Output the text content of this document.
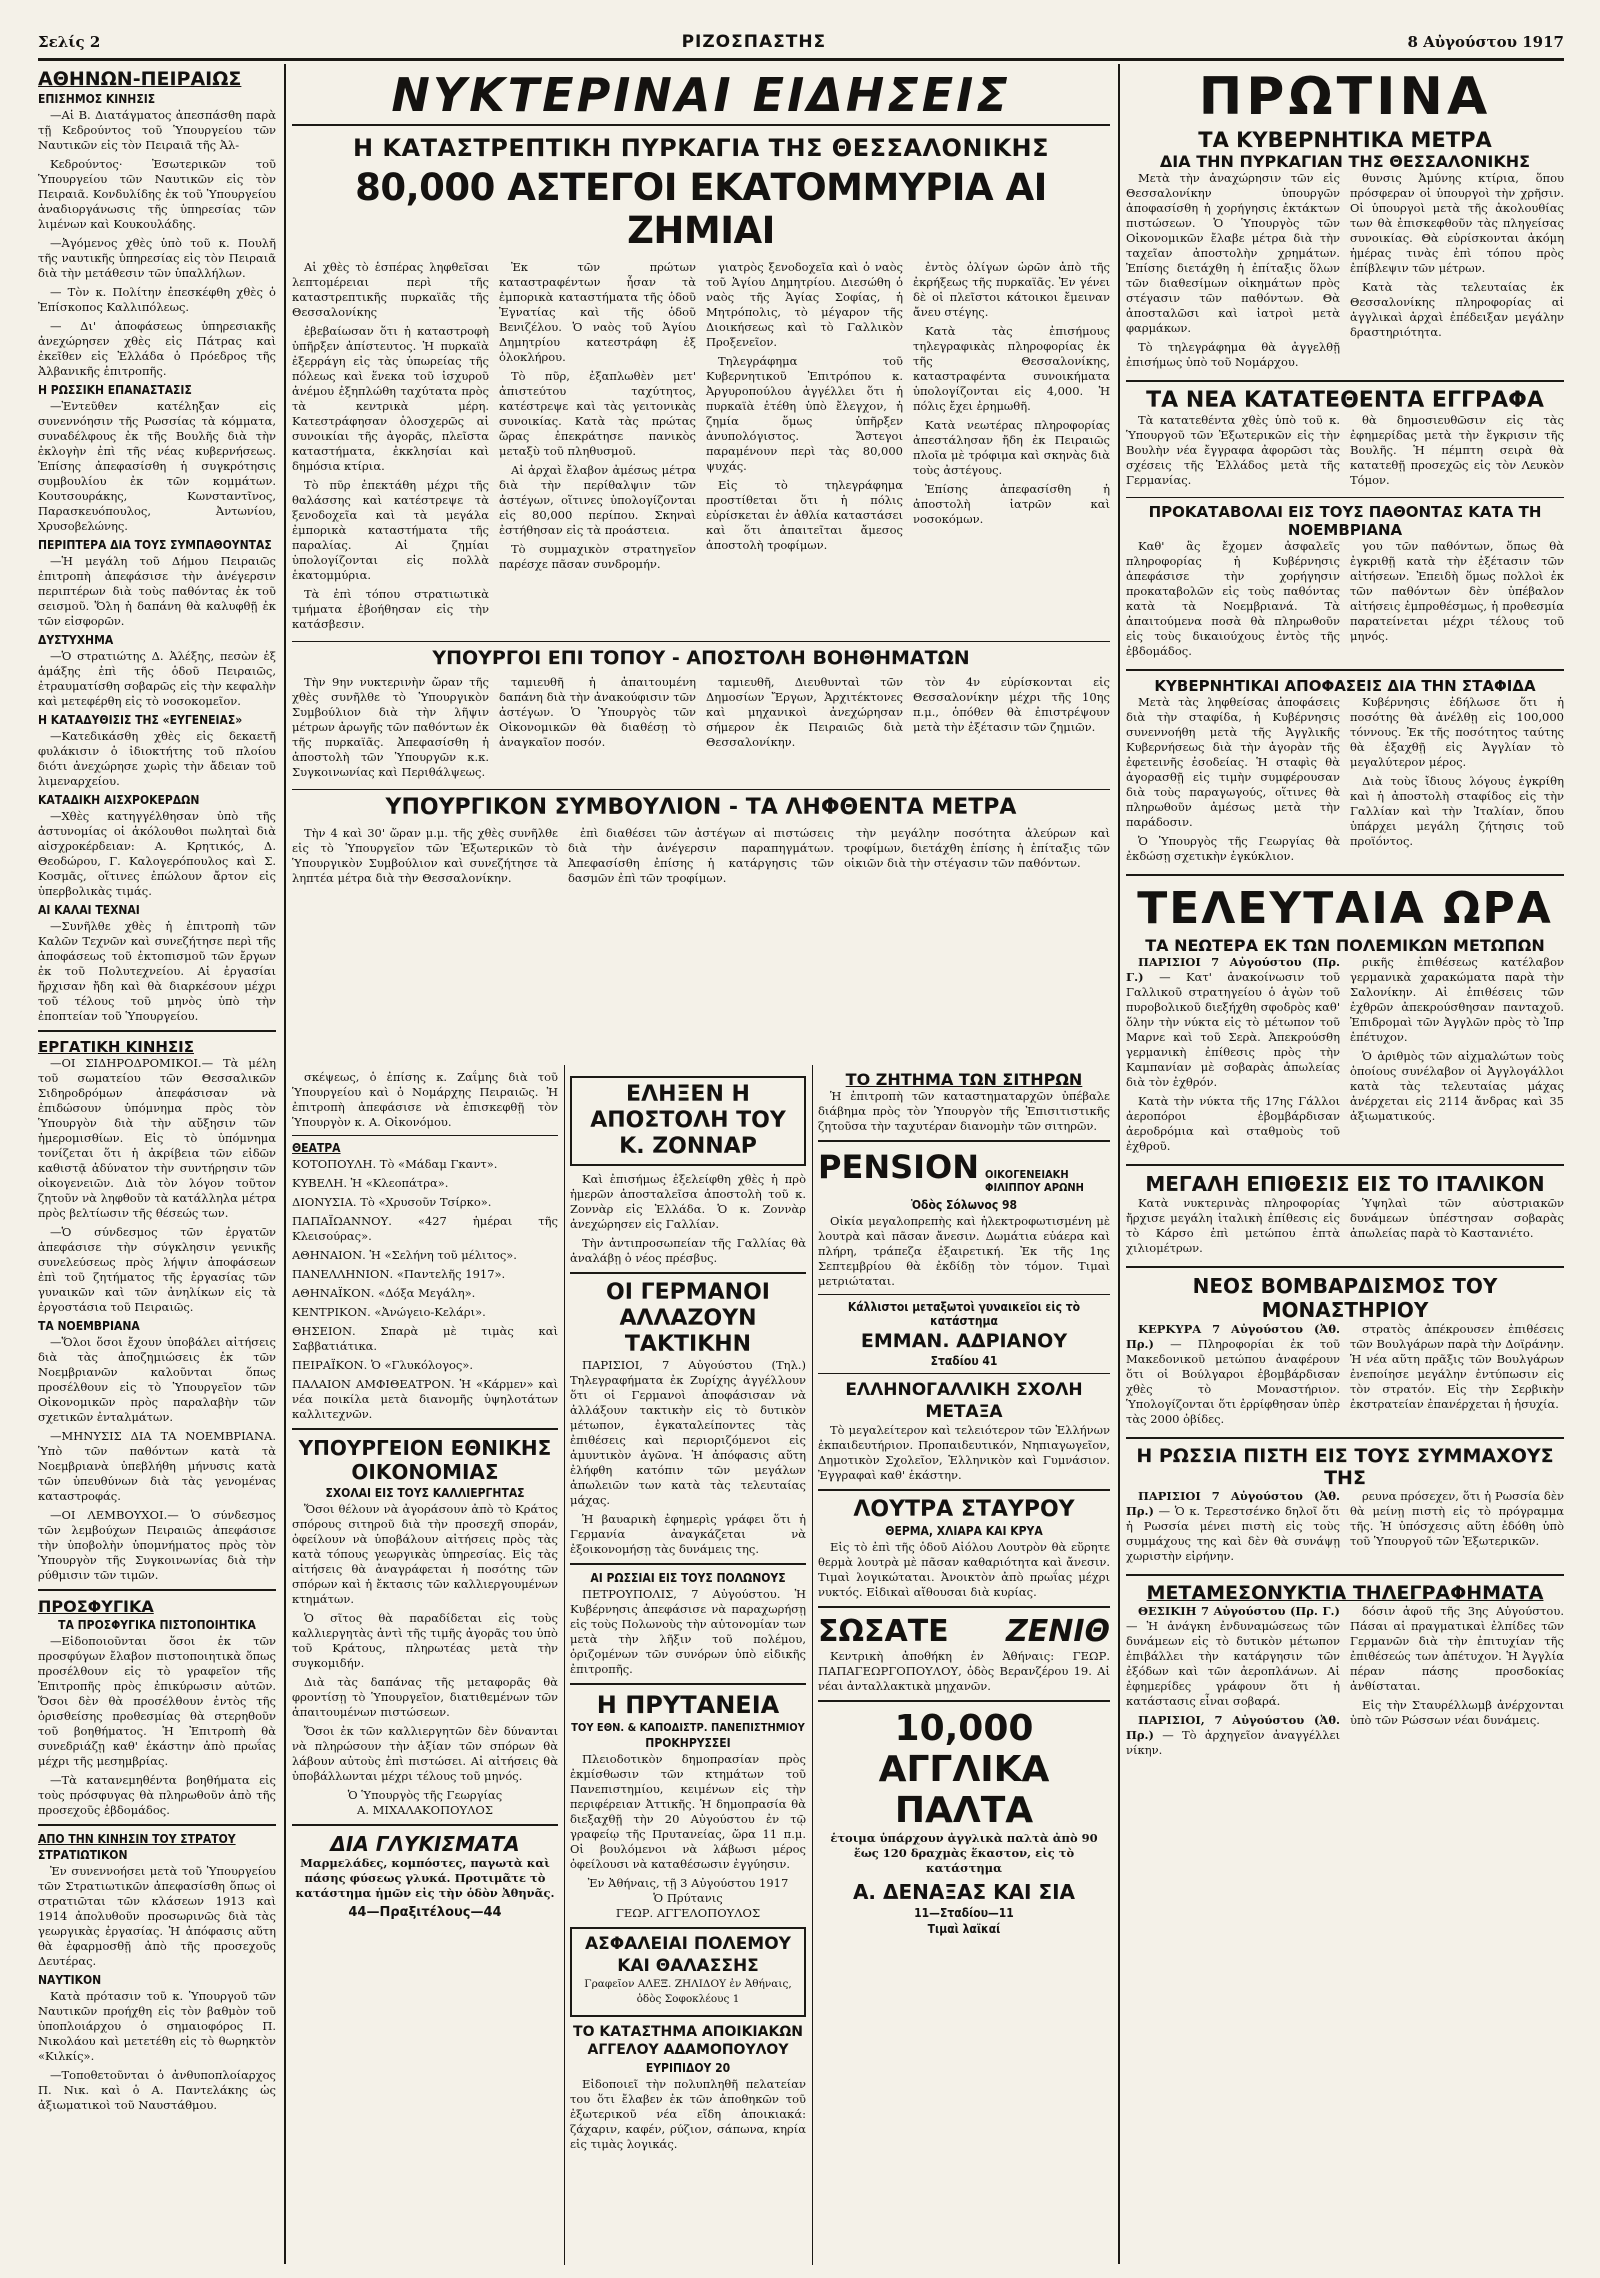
Σελίς 2	ΡΙΖΟΣΠΑΣΤΗΣ	8 Αὐγούστου 1917
ΑΘΗΝΩΝ-ΠΕΙΡΑΙΩΣ
ΕΠΙΣΗΜΟΣ ΚΙΝΗΣΙΣ

—Αἱ Β. Διατάγματος ἀπεσπάσθη παρὰ τῇ Κεδρούντος τοῦ Ὑπουργείου τῶν Ναυτικῶν εἰς τὸν Πειραιᾶ τῆς Ἀλ-

Κεδρούντος· Ἐσωτερικῶν τοῦ Ὑπουργείου τῶν Ναυτικῶν εἰς τὸν Πειραιᾶ. Κονδυλίδης ἐκ τοῦ Ὑπουργείου ἀναδιοργάνωσις τῆς ὑπηρεσίας τῶν λιμένων καὶ Κουκουλάδης.

—Ἀγόμενος χθὲς ὑπὸ τοῦ κ. Πουλῆ τῆς ναυτικῆς ὑπηρεσίας εἰς τὸν Πειραιᾶ διὰ τὴν μετάθεσιν τῶν ὑπαλλήλων.

— Τὸν κ. Πολίτην ἐπεσκέφθη χθὲς ὁ Ἐπίσκοπος Καλλιπόλεως.

— Δι' ἀποφάσεως ὑπηρεσιακῆς ἀνεχώρησεν χθὲς εἰς Πάτρας καὶ ἐκεῖθεν εἰς Ἑλλάδα ὁ Πρόεδρος τῆς Ἀλβανικῆς ἐπιτροπῆς.

Η ΡΩΣΣΙΚΗ ΕΠΑΝΑΣΤΑΣΙΣ

—Ἐντεῦθεν κατέληξαν εἰς συνεννόησιν τῆς Ρωσσίας τὰ κόμματα, συναδέλφους ἐκ τῆς Βουλῆς διὰ τὴν ἐκλογὴν ἐπὶ τῆς νέας κυβερνήσεως. Ἐπίσης ἀπεφασίσθη ἡ συγκρότησις συμβουλίου ἐκ τῶν κομμάτων. Κουτσουράκης, Κωνσταντῖνος, Παρασκευόπουλος, Ἀντωνίου, Χρυσοβελώνης.

ΠΕΡΙΠΤΕΡΑ ΔΙΑ ΤΟΥΣ ΣΥΜΠΑΘΟΥΝΤΑΣ

—Ἡ μεγάλη τοῦ Δήμου Πειραιῶς ἐπιτροπὴ ἀπεφάσισε τὴν ἀνέγερσιν περιπτέρων διὰ τοὺς παθόντας ἐκ τοῦ σεισμοῦ. Ὅλη ἡ δαπάνη θὰ καλυφθῇ ἐκ τῶν εἰσφορῶν.

ΔΥΣΤΥΧΗΜΑ

—Ὁ στρατιώτης Δ. Ἀλέξης, πεσὼν ἐξ ἁμάξης ἐπὶ τῆς ὁδοῦ Πειραιῶς, ἐτραυματίσθη σοβαρῶς εἰς τὴν κεφαλὴν καὶ μετεφέρθη εἰς τὸ νοσοκομεῖον.

Η ΚΑΤΑΔΥΘΙΣΙΣ ΤΗΣ «ΕΥΓΕΝΕΙΑΣ»

—Κατεδικάσθη χθὲς εἰς δεκαετῆ φυλάκισιν ὁ ἰδιοκτήτης τοῦ πλοίου διότι ἀνεχώρησε χωρὶς τὴν ἄδειαν τοῦ λιμεναρχείου.

ΚΑΤΑΔΙΚΗ ΑΙΣΧΡΟΚΕΡΔΩΝ

—Χθὲς κατηγγέλθησαν ὑπὸ τῆς ἀστυνομίας οἱ ἀκόλουθοι πωληταὶ διὰ αἰσχροκέρδειαν: Α. Κρητικός, Δ. Θεοδώρου, Γ. Καλογερόπουλος καὶ Σ. Κοσμᾶς, οἵτινες ἐπώλουν ἄρτον εἰς ὑπερβολικὰς τιμάς.

ΑΙ ΚΑΛΑΙ ΤΕΧΝΑΙ

—Συνῆλθε χθὲς ἡ ἐπιτροπὴ τῶν Καλῶν Τεχνῶν καὶ συνεζήτησε περὶ τῆς ἀποφάσεως τοῦ ἐκτοπισμοῦ τῶν ἔργων ἐκ τοῦ Πολυτεχνείου. Αἱ ἐργασίαι ἤρχισαν ἤδη καὶ θὰ διαρκέσουν μέχρι τοῦ τέλους τοῦ μηνὸς ὑπὸ τὴν ἐποπτείαν τοῦ Ὑπουργείου.

ΕΡΓΑΤΙΚΗ ΚΙΝΗΣΙΣ

—ΟΙ ΣΙΔΗΡΟΔΡΟΜΙΚΟΙ.— Τὰ μέλη τοῦ σωματείου τῶν Θεσσαλικῶν Σιδηροδρόμων ἀπεφάσισαν νὰ ἐπιδώσουν ὑπόμνημα πρὸς τὸν Ὑπουργὸν διὰ τὴν αὔξησιν τῶν ἡμερομισθίων. Εἰς τὸ ὑπόμνημα τονίζεται ὅτι ἡ ἀκρίβεια τῶν εἰδῶν καθιστᾷ ἀδύνατον τὴν συντήρησιν τῶν οἰκογενειῶν. Διὰ τὸν λόγον τοῦτον ζητοῦν νὰ ληφθοῦν τὰ κατάλληλα μέτρα πρὸς βελτίωσιν τῆς θέσεώς των.

—Ὁ σύνδεσμος τῶν ἐργατῶν ἀπεφάσισε τὴν σύγκλησιν γενικῆς συνελεύσεως πρὸς λήψιν ἀποφάσεων ἐπὶ τοῦ ζητήματος τῆς ἐργασίας τῶν γυναικῶν καὶ τῶν ἀνηλίκων εἰς τὰ ἐργοστάσια τοῦ Πειραιῶς.

ΤΑ ΝΟΕΜΒΡΙΑΝΑ

—Ὅλοι ὅσοι ἔχουν ὑποβάλει αἰτήσεις διὰ τὰς ἀποζημιώσεις ἐκ τῶν Νοεμβριανῶν καλοῦνται ὅπως προσέλθουν εἰς τὸ Ὑπουργεῖον τῶν Οἰκονομικῶν πρὸς παραλαβὴν τῶν σχετικῶν ἐνταλμάτων.

—ΜΗΝΥΣΙΣ ΔΙΑ ΤΑ ΝΟΕΜΒΡΙΑΝΑ. Ὑπὸ τῶν παθόντων κατὰ τὰ Νοεμβριανὰ ὑπεβλήθη μήνυσις κατὰ τῶν ὑπευθύνων διὰ τὰς γενομένας καταστροφάς.

—ΟΙ ΛΕΜΒΟΥΧΟΙ.— Ὁ σύνδεσμος τῶν λεμβούχων Πειραιῶς ἀπεφάσισε τὴν ὑποβολὴν ὑπομνήματος πρὸς τὸν Ὑπουργὸν τῆς Συγκοινωνίας διὰ τὴν ρύθμισιν τῶν τιμῶν.

ΠΡΟΣΦΥΓΙΚΑ
ΤΑ ΠΡΟΣΦΥΓΙΚΑ ΠΙΣΤΟΠΟΙΗΤΙΚΑ

—Εἰδοποιοῦνται ὅσοι ἐκ τῶν προσφύγων ἔλαβον πιστοποιητικὰ ὅπως προσέλθουν εἰς τὸ γραφεῖον τῆς Ἐπιτροπῆς πρὸς ἐπικύρωσιν αὐτῶν. Ὅσοι δὲν θὰ προσέλθουν ἐντὸς τῆς ὁρισθείσης προθεσμίας θὰ στερηθοῦν τοῦ βοηθήματος. Ἡ Ἐπιτροπὴ θὰ συνεδριάζῃ καθ' ἑκάστην ἀπὸ πρωΐας μέχρι τῆς μεσημβρίας.

—Τὰ κατανεμηθέντα βοηθήματα εἰς τοὺς πρόσφυγας θὰ πληρωθοῦν ἀπὸ τῆς προσεχοῦς ἑβδομάδος.

ΑΠΟ ΤΗΝ ΚΙΝΗΣΙΝ ΤΟΥ ΣΤΡΑΤΟΥ
ΣΤΡΑΤΙΩΤΙΚΟΝ

Ἐν συνεννοήσει μετὰ τοῦ Ὑπουργείου τῶν Στρατιωτικῶν ἀπεφασίσθη ὅπως οἱ στρατιῶται τῶν κλάσεων 1913 καὶ 1914 ἀπολυθοῦν προσωρινῶς διὰ τὰς γεωργικὰς ἐργασίας. Ἡ ἀπόφασις αὕτη θὰ ἐφαρμοσθῇ ἀπὸ τῆς προσεχοῦς Δευτέρας.

ΝΑΥΤΙΚΟΝ

Κατὰ πρότασιν τοῦ κ. Ὑπουργοῦ τῶν Ναυτικῶν προήχθη εἰς τὸν βαθμὸν τοῦ ὑποπλοιάρχου ὁ σημαιοφόρος Π. Νικολάου καὶ μετετέθη εἰς τὸ θωρηκτὸν «Κιλκίς».

—Τοποθετοῦνται ὁ ἀνθυποπλοίαρχος Π. Νικ. καὶ ὁ Α. Παντελάκης ὡς ἀξιωματικοὶ τοῦ Ναυστάθμου.

ΝΥΚΤΕΡΙΝΑΙ ΕΙΔΗΣΕΙΣ
Η ΚΑΤΑΣΤΡΕΠΤΙΚΗ ΠΥΡΚΑΓΙΑ ΤΗΣ ΘΕΣΣΑΛΟΝΙΚΗΣ
80,000 ΑΣΤΕΓΟΙ ΕΚΑΤΟΜΜΥΡΙΑ ΑΙ ΖΗΜΙΑΙ

Αἱ χθὲς τὸ ἑσπέρας ληφθεῖσαι λεπτομέρειαι περὶ τῆς καταστρεπτικῆς πυρκαϊᾶς τῆς Θεσσαλονίκης

ἐβεβαίωσαν ὅτι ἡ καταστροφὴ ὑπῆρξεν ἀπίστευτος. Ἡ πυρκαϊὰ ἐξερράγη εἰς τὰς ὑπωρείας τῆς πόλεως καὶ ἕνεκα τοῦ ἰσχυροῦ ἀνέμου ἐξηπλώθη ταχύτατα πρὸς τὰ κεντρικὰ μέρη. Κατεστράφησαν ὁλοσχερῶς αἱ συνοικίαι τῆς ἀγορᾶς, πλεῖστα καταστήματα, ἐκκλησίαι καὶ δημόσια κτίρια.

Τὸ πῦρ ἐπεκτάθη μέχρι τῆς θαλάσσης καὶ κατέστρεψε τὰ ξενοδοχεῖα καὶ τὰ μεγάλα ἐμπορικὰ καταστήματα τῆς παραλίας. Αἱ ζημίαι ὑπολογίζονται εἰς πολλὰ ἑκατομμύρια.

Τὰ ἐπὶ τόπου στρατιωτικὰ τμήματα ἐβοήθησαν εἰς τὴν κατάσβεσιν.

Ἐκ τῶν πρώτων καταστραφέντων ἦσαν τὰ ἐμπορικὰ καταστήματα τῆς ὁδοῦ Ἐγνατίας καὶ τῆς ὁδοῦ Βενιζέλου. Ὁ ναὸς τοῦ Ἁγίου Δημητρίου κατεστράφη ἐξ ὁλοκλήρου.

Τὸ πῦρ, ἐξαπλωθὲν μετ' ἀπιστεύτου ταχύτητος, κατέστρεψε καὶ τὰς γειτονικὰς συνοικίας. Κατὰ τὰς πρώτας ὥρας ἐπεκράτησε πανικὸς μεταξὺ τοῦ πληθυσμοῦ.

Αἱ ἀρχαὶ ἔλαβον ἀμέσως μέτρα διὰ τὴν περίθαλψιν τῶν ἀστέγων, οἵτινες ὑπολογίζονται εἰς 80,000 περίπου. Σκηναὶ ἐστήθησαν εἰς τὰ προάστεια.

Τὸ συμμαχικὸν στρατηγεῖον παρέσχε πᾶσαν συνδρομήν.

γιατρὸς ξενοδοχεῖα καὶ ὁ ναὸς τοῦ Ἁγίου Δημητρίου. Διεσώθη ὁ ναὸς τῆς Ἁγίας Σοφίας, ἡ Μητρόπολις, τὸ μέγαρον τῆς Διοικήσεως καὶ τὸ Γαλλικὸν Προξενεῖον.

Τηλεγράφημα τοῦ Κυβερνητικοῦ Ἐπιτρόπου κ. Ἀργυροπούλου ἀγγέλλει ὅτι ἡ πυρκαϊὰ ἐτέθη ὑπὸ ἔλεγχον, ἡ ζημία ὅμως ὑπῆρξεν ἀνυπολόγιστος. Ἄστεγοι παραμένουν περὶ τὰς 80,000 ψυχάς.

Εἰς τὸ τηλεγράφημα προστίθεται ὅτι ἡ πόλις εὑρίσκεται ἐν ἀθλία καταστάσει καὶ ὅτι ἀπαιτεῖται ἄμεσος ἀποστολὴ τροφίμων.

ἐντὸς ὀλίγων ὡρῶν ἀπὸ τῆς ἐκρήξεως τῆς πυρκαϊᾶς. Ἐν γένει δὲ οἱ πλεῖστοι κάτοικοι ἔμειναν ἄνευ στέγης.

Κατὰ τὰς ἐπισήμους τηλεγραφικὰς πληροφορίας ἐκ τῆς Θεσσαλονίκης, καταστραφέντα συνοικήματα ὑπολογίζονται εἰς 4,000. Ἡ πόλις ἔχει ἐρημωθῆ.

Κατὰ νεωτέρας πληροφορίας ἀπεστάλησαν ἤδη ἐκ Πειραιῶς πλοῖα μὲ τρόφιμα καὶ σκηνὰς διὰ τοὺς ἀστέγους.

Ἐπίσης ἀπεφασίσθη ἡ ἀποστολὴ ἰατρῶν καὶ νοσοκόμων.

ΥΠΟΥΡΓΟΙ ΕΠΙ ΤΟΠΟΥ - ΑΠΟΣΤΟΛΗ ΒΟΗΘΗΜΑΤΩΝ

Τὴν 9ην νυκτερινὴν ὥραν τῆς χθὲς συνῆλθε τὸ Ὑπουργικὸν Συμβούλιον διὰ τὴν λῆψιν μέτρων ἀρωγῆς τῶν παθόντων ἐκ τῆς πυρκαϊᾶς. Ἀπεφασίσθη ἡ ἀποστολὴ τῶν Ὑπουργῶν κ.κ. Συγκοινωνίας καὶ Περιθάλψεως.

ταμιευθῆ ἡ ἀπαιτουμένη δαπάνη διὰ τὴν ἀνακούφισιν τῶν ἀστέγων. Ὁ Ὑπουργὸς τῶν Οἰκονομικῶν θὰ διαθέσῃ τὸ ἀναγκαῖον ποσόν.

ταμιευθῆ, Διευθυνταὶ τῶν Δημοσίων Ἔργων, Ἀρχιτέκτονες καὶ μηχανικοὶ ἀνεχώρησαν σήμερον ἐκ Πειραιῶς διὰ Θεσσαλονίκην.

τὸν 4ν εὑρίσκονται εἰς Θεσσαλονίκην μέχρι τῆς 10ης π.μ., ὁπόθεν θὰ ἐπιστρέψουν μετὰ τὴν ἐξέτασιν τῶν ζημιῶν.

ΥΠΟΥΡΓΙΚΟΝ ΣΥΜΒΟΥΛΙΟΝ - ΤΑ ΛΗΦΘΕΝΤΑ ΜΕΤΡΑ

Τὴν 4 καὶ 30' ὥραν μ.μ. τῆς χθὲς συνῆλθε εἰς τὸ Ὑπουργεῖον τῶν Ἐξωτερικῶν τὸ Ὑπουργικὸν Συμβούλιον καὶ συνεζήτησε τὰ ληπτέα μέτρα διὰ τὴν Θεσσαλονίκην.

ἐπὶ διαθέσει τῶν ἀστέγων αἱ πιστώσεις διὰ τὴν ἀνέγερσιν παραπηγμάτων. Ἀπεφασίσθη ἐπίσης ἡ κατάργησις τῶν δασμῶν ἐπὶ τῶν τροφίμων.

τὴν μεγάλην ποσότητα ἀλεύρων καὶ τροφίμων, διετάχθη ἐπίσης ἡ ἐπίταξις τῶν οἰκιῶν διὰ τὴν στέγασιν τῶν παθόντων.

σκέψεως, ὁ ἐπίσης κ. Ζαΐμης διὰ τοῦ Ὑπουργείου καὶ ὁ Νομάρχης Πειραιῶς. Ἡ ἐπιτροπὴ ἀπεφάσισε νὰ ἐπισκεφθῇ τὸν Ὑπουργὸν κ. Α. Οἰκονόμου.

ΘΕΑΤΡΑ

ΚΟΤΟΠΟΥΛΗ. Τὸ «Μάδαμ Γκαντ».

ΚΥΒΕΛΗ. Ἡ «Κλεοπάτρα».

ΔΙΟΝΥΣΙΑ. Τὸ «Χρυσοῦν Τσίρκο».

ΠΑΠΑΪΩΑΝΝΟΥ. «427 ἡμέραι τῆς Κλεισούρας».

ΑΘΗΝΑΙΟΝ. Ἡ «Σελήνη τοῦ μέλιτος».

ΠΑΝΕΛΛΗΝΙΟΝ. «Παντελῆς 1917».

ΑΘΗΝΑΪΚΟΝ. «Δόξα Μεγάλη».

ΚΕΝΤΡΙΚΟΝ. «Ἀνώγειο-Κελάρι».

ΘΗΣΕΙΟΝ. Σπαρὰ μὲ τιμὰς καὶ Σαββατιάτικα.

ΠΕΙΡΑΪΚΟΝ. Ὁ «Γλυκόλογος».

ΠΑΛΑΙΟΝ ΑΜΦΙΘΕΑΤΡΟΝ. Ἡ «Κάρμεν» καὶ νέα ποικίλα μετὰ διανομῆς ὑψηλοτάτων καλλιτεχνῶν.

ΥΠΟΥΡΓΕΙΟΝ ΕΘΝΙΚΗΣ ΟΙΚΟΝΟΜΙΑΣ
ΣΧΟΛΑΙ ΕΙΣ ΤΟΥΣ ΚΑΛΛΙΕΡΓΗΤΑΣ

Ὅσοι θέλουν νὰ ἀγοράσουν ἀπὸ τὸ Κράτος σπόρους σιτηροῦ διὰ τὴν προσεχῆ σποράν, ὀφείλουν νὰ ὑποβάλουν αἰτήσεις πρὸς τὰς κατὰ τόπους γεωργικὰς ὑπηρεσίας. Εἰς τὰς αἰτήσεις θὰ ἀναγράφεται ἡ ποσότης τῶν σπόρων καὶ ἡ ἔκτασις τῶν καλλιεργουμένων κτημάτων.

Ὁ σῖτος θὰ παραδίδεται εἰς τοὺς καλλιεργητὰς ἀντὶ τῆς τιμῆς ἀγορᾶς του ὑπὸ τοῦ Κράτους, πληρωτέας μετὰ τὴν συγκομιδήν.

Διὰ τὰς δαπάνας τῆς μεταφορᾶς θὰ φροντίσῃ τὸ Ὑπουργεῖον, διατιθεμένων τῶν ἀπαιτουμένων πιστώσεων.

Ὅσοι ἐκ τῶν καλλιεργητῶν δὲν δύνανται νὰ πληρώσουν τὴν ἀξίαν τῶν σπόρων θὰ λάβουν αὐτοὺς ἐπὶ πιστώσει. Αἱ αἰτήσεις θὰ ὑποβάλλωνται μέχρι τέλους τοῦ μηνός.

Ὁ Ὑπουργὸς τῆς Γεωργίας
Α. ΜΙΧΑΛΑΚΟΠΟΥΛΟΣ

ΔΙΑ ΓΛΥΚΙΣΜΑΤΑ

Μαρμελάδες, κομπόστες, παγωτὰ καὶ πάσης φύσεως γλυκά. Προτιμᾶτε τὸ κατάστημα ἡμῶν εἰς τὴν ὁδὸν Ἀθηνᾶς.

44—Πραξιτέλους—44

ΕΛΗΞΕΝ Η ΑΠΟΣΤΟΛΗ ΤΟΥ Κ. ΖΟΝΝΑΡ

Καὶ ἐπισήμως ἐξελείφθη χθὲς ἡ πρὸ ἡμερῶν ἀποσταλεῖσα ἀποστολὴ τοῦ κ. Ζοννὰρ εἰς Ἑλλάδα. Ὁ κ. Ζοννὰρ ἀνεχώρησεν εἰς Γαλλίαν.

Τὴν ἀντιπροσωπείαν τῆς Γαλλίας θὰ ἀναλάβῃ ὁ νέος πρέσβυς.

ΟΙ ΓΕΡΜΑΝΟΙ ΑΛΛΑΖΟΥΝ ΤΑΚΤΙΚΗΝ

ΠΑΡΙΣΙΟΙ, 7 Αὐγούστου (Τηλ.) Τηλεγραφήματα ἐκ Ζυρίχης ἀγγέλλουν ὅτι οἱ Γερμανοὶ ἀποφάσισαν νὰ ἀλλάξουν τακτικὴν εἰς τὸ δυτικὸν μέτωπον, ἐγκαταλείποντες τὰς ἐπιθέσεις καὶ περιοριζόμενοι εἰς ἀμυντικὸν ἀγῶνα. Ἡ ἀπόφασις αὕτη ἐλήφθη κατόπιν τῶν μεγάλων ἀπωλειῶν των κατὰ τὰς τελευταίας μάχας.

Ἡ βαυαρικὴ ἐφημερὶς γράφει ὅτι ἡ Γερμανία ἀναγκάζεται νὰ ἐξοικονομήσῃ τὰς δυνάμεις της.

ΑΙ ΡΩΣΣΙΑΙ ΕΙΣ ΤΟΥΣ ΠΟΛΩΝΟΥΣ

ΠΕΤΡΟΥΠΟΛΙΣ, 7 Αὐγούστου. Ἡ Κυβέρνησις ἀπεφάσισε νὰ παραχωρήσῃ εἰς τοὺς Πολωνοὺς τὴν αὐτονομίαν των μετὰ τὴν λῆξιν τοῦ πολέμου, ὁριζομένων τῶν συνόρων ὑπὸ εἰδικῆς ἐπιτροπῆς.

Η ΠΡΥΤΑΝΕΙΑ
ΤΟΥ ΕΘΝ. & ΚΑΠΟΔΙΣΤΡ. ΠΑΝΕΠΙΣΤΗΜΙΟΥ
ΠΡΟΚΗΡΥΣΣΕΙ

Πλειοδοτικὸν δημοπρασίαν πρὸς ἐκμίσθωσιν τῶν κτημάτων τοῦ Πανεπιστημίου, κειμένων εἰς τὴν περιφέρειαν Ἀττικῆς. Ἡ δημοπρασία θὰ διεξαχθῇ τὴν 20 Αὐγούστου ἐν τῷ γραφείῳ τῆς Πρυτανείας, ὥρα 11 π.μ. Οἱ βουλόμενοι νὰ λάβωσι μέρος ὀφείλουσι νὰ καταθέσωσιν ἐγγύησιν.

Ἐν Ἀθήναις, τῇ 3 Αὐγούστου 1917
Ὁ Πρύτανις
ΓΕΩΡ. ΑΓΓΕΛΟΠΟΥΛΟΣ

ΑΣΦΑΛΕΙΑΙ ΠΟΛΕΜΟΥ ΚΑΙ ΘΑΛΑΣΣΗΣ

Γραφεῖον ΑΛΕΞ. ΖΗΛΙΔΟΥ ἐν Ἀθήναις, ὁδὸς Σοφοκλέους 1

ΤΟ ΚΑΤΑΣΤΗΜΑ ΑΠΟΙΚΙΑΚΩΝ ΑΓΓΕΛΟΥ ΑΔΑΜΟΠΟΥΛΟΥ
ΕΥΡΙΠΙΔΟΥ 20

Εἰδοποιεῖ τὴν πολυπληθῆ πελατείαν του ὅτι ἔλαβεν ἐκ τῶν ἀποθηκῶν τοῦ ἐξωτερικοῦ νέα εἴδη ἀποικιακά: ζάχαριν, καφέν, ρύζιον, σάπωνα, κηρία εἰς τιμὰς λογικάς.

ΤΟ ΖΗΤΗΜΑ ΤΩΝ ΣΙΤΗΡΩΝ

Ἡ ἐπιτροπὴ τῶν καταστηματαρχῶν ὑπέβαλε διάβημα πρὸς τὸν Ὑπουργὸν τῆς Ἐπισιτιστικῆς ζητοῦσα τὴν ταχυτέραν διανομὴν τῶν σιτηρῶν.

PENSION ΟΙΚΟΓΕΝΕΙΑΚΗ ΦΙΛΙΠΠΟΥ ΑΡΩΝΗ
Ὁδὸς Σόλωνος 98

Οἰκία μεγαλοπρεπὴς καὶ ἠλεκτροφωτισμένη μὲ λουτρὰ καὶ πᾶσαν ἄνεσιν. Δωμάτια εὐάερα καὶ πλήρη, τράπεζα ἐξαιρετική. Ἐκ τῆς 1ης Σεπτεμβρίου θὰ ἐκδίδῃ τὸν τόμον. Τιμαὶ μετριώταται.

Κάλλιστοι μεταξωτοὶ γυναικεῖοι εἰς τὸ κατάστημα
ΕΜΜΑΝ. ΑΔΡΙΑΝΟΥ
Σταδίου 41
ΕΛΛΗΝΟΓΑΛΛΙΚΗ ΣΧΟΛΗ ΜΕΤΑΞΑ

Τὸ μεγαλείτερον καὶ τελειότερον τῶν Ἑλλήνων ἐκπαιδευτήριον. Προπαιδευτικόν, Νηπιαγωγεῖον, Δημοτικὸν Σχολεῖον, Ἑλληνικὸν καὶ Γυμνάσιον. Ἐγγραφαὶ καθ' ἑκάστην.

ΛΟΥΤΡΑ ΣΤΑΥΡΟΥ
ΘΕΡΜΑ, ΧΛΙΑΡΑ ΚΑΙ ΚΡΥΑ

Εἰς τὸ ἐπὶ τῆς ὁδοῦ Αἰόλου Λουτρὸν θὰ εὕρητε θερμὰ λουτρὰ μὲ πᾶσαν καθαριότητα καὶ ἄνεσιν. Τιμαὶ λογικώταται. Ἀνοικτὸν ἀπὸ πρωΐας μέχρι νυκτός. Εἰδικαὶ αἴθουσαι διὰ κυρίας.

ΣΩΣΑΤΕ ΖΕΝΙΘ

Κεντρικὴ ἀποθήκη ἐν Ἀθήναις: ΓΕΩΡ. ΠΑΠΑΓΕΩΡΓΟΠΟΥΛΟΥ, ὁδὸς Βερανζέρου 19. Αἱ νέαι ἀνταλλακτικὰ μηχανῶν.

10,000 ΑΓΓΛΙΚΑ ΠΑΛΤΑ

ἑτοιμα ὑπάρχουν ἀγγλικὰ παλτὰ ἀπὸ 90 ἕως 120 δραχμὰς ἕκαστον, εἰς τὸ κατάστημα

Α. ΔΕΝΑΞΑΣ ΚΑΙ ΣΙΑ
11—Σταδίου—11
Τιμαὶ λαϊκαί
ΠΡΩΤΙΝΑ
ΤΑ ΚΥΒΕΡΝΗΤΙΚΑ ΜΕΤΡΑ
ΔΙΑ ΤΗΝ ΠΥΡΚΑΓΙΑΝ ΤΗΣ ΘΕΣΣΑΛΟΝΙΚΗΣ

Μετὰ τὴν ἀναχώρησιν τῶν εἰς Θεσσαλονίκην ὑπουργῶν ἀποφασίσθη ἡ χορήγησις ἐκτάκτων πιστώσεων. Ὁ Ὑπουργὸς τῶν Οἰκονομικῶν ἔλαβε μέτρα διὰ τὴν ταχεῖαν ἀποστολὴν χρημάτων. Ἐπίσης διετάχθη ἡ ἐπίταξις ὅλων τῶν διαθεσίμων οἰκημάτων πρὸς στέγασιν τῶν παθόντων. Θὰ ἀποσταλῶσι καὶ ἰατροὶ μετὰ φαρμάκων.

Τὸ τηλεγράφημα θὰ ἀγγελθῇ ἐπισήμως ὑπὸ τοῦ Νομάρχου.

θυνσις Ἀμύνης κτίρια, ὅπου πρόσφεραν οἱ ὑπουργοὶ τὴν χρῆσιν. Οἱ ὑπουργοὶ μετὰ τῆς ἀκολουθίας των θὰ ἐπισκεφθοῦν τὰς πληγείσας συνοικίας. Θὰ εὑρίσκονται ἀκόμη ἡμέρας τινὰς ἐπὶ τόπου πρὸς ἐπίβλεψιν τῶν μέτρων.

Κατὰ τὰς τελευταίας ἐκ Θεσσαλονίκης πληροφορίας αἱ ἀγγλικαὶ ἀρχαὶ ἐπέδειξαν μεγάλην δραστηριότητα.

ΤΑ ΝΕΑ ΚΑΤΑΤΕΘΕΝΤΑ ΕΓΓΡΑΦΑ

Τὰ κατατεθέντα χθὲς ὑπὸ τοῦ κ. Ὑπουργοῦ τῶν Ἐξωτερικῶν εἰς τὴν Βουλὴν νέα ἔγγραφα ἀφορῶσι τὰς σχέσεις τῆς Ἑλλάδος μετὰ τῆς Γερμανίας.

θὰ δημοσιευθῶσιν εἰς τὰς ἐφημερίδας μετὰ τὴν ἔγκρισιν τῆς Βουλῆς. Ἡ πέμπτη σειρὰ θὰ κατατεθῇ προσεχῶς εἰς τὸν Λευκὸν Τόμον.

ΠΡΟΚΑΤΑΒΟΛΑΙ ΕΙΣ ΤΟΥΣ ΠΑΘΟΝΤΑΣ ΚΑΤΑ ΤΗ ΝΟΕΜΒΡΙΑΝΑ

Καθ' ἃς ἔχομεν ἀσφαλεῖς πληροφορίας ἡ Κυβέρνησις ἀπεφάσισε τὴν χορήγησιν προκαταβολῶν εἰς τοὺς παθόντας κατὰ τὰ Νοεμβριανά. Τὰ ἀπαιτούμενα ποσὰ θὰ πληρωθοῦν εἰς τοὺς δικαιούχους ἐντὸς τῆς ἑβδομάδος.

γου τῶν παθόντων, ὅπως θὰ ἐγκριθῇ κατὰ τὴν ἐξέτασιν τῶν αἰτήσεων. Ἐπειδὴ ὅμως πολλοὶ ἐκ τῶν παθόντων δὲν ὑπέβαλον αἰτήσεις ἐμπροθέσμως, ἡ προθεσμία παρατείνεται μέχρι τέλους τοῦ μηνός.

ΚΥΒΕΡΝΗΤΙΚΑΙ ΑΠΟΦΑΣΕΙΣ ΔΙΑ ΤΗΝ ΣΤΑΦΙΔΑ

Μετὰ τὰς ληφθείσας ἀποφάσεις διὰ τὴν σταφίδα, ἡ Κυβέρνησις συνεννοήθη μετὰ τῆς Ἀγγλικῆς Κυβερνήσεως διὰ τὴν ἀγορὰν τῆς ἐφετεινῆς ἐσοδείας. Ἡ σταφὶς θὰ ἀγορασθῇ εἰς τιμὴν συμφέρουσαν διὰ τοὺς παραγωγούς, οἵτινες θὰ πληρωθοῦν ἀμέσως μετὰ τὴν παράδοσιν.

Ὁ Ὑπουργὸς τῆς Γεωργίας θὰ ἐκδώσῃ σχετικὴν ἐγκύκλιον.

Κυβέρνησις ἐδήλωσε ὅτι ἡ ποσότης θὰ ἀνέλθῃ εἰς 100,000 τόννους. Ἐκ τῆς ποσότητος ταύτης θὰ ἐξαχθῇ εἰς Ἀγγλίαν τὸ μεγαλύτερον μέρος.

Διὰ τοὺς ἴδιους λόγους ἐγκρίθη καὶ ἡ ἀποστολὴ σταφίδος εἰς τὴν Γαλλίαν καὶ τὴν Ἰταλίαν, ὅπου ὑπάρχει μεγάλη ζήτησις τοῦ προϊόντος.

ΤΕΛΕΥΤΑΙΑ ΩΡΑ
ΤΑ ΝΕΩΤΕΡΑ ΕΚ ΤΩΝ ΠΟΛΕΜΙΚΩΝ ΜΕΤΩΠΩΝ

ΠΑΡΙΣΙΟΙ 7 Αὐγούστου (Πρ. Γ.) — Κατ' ἀνακοίνωσιν τοῦ Γαλλικοῦ στρατηγείου ὁ ἀγὼν τοῦ πυροβολικοῦ διεξήχθη σφοδρὸς καθ' ὅλην τὴν νύκτα εἰς τὸ μέτωπον τοῦ Μαρνε καὶ τοῦ Σερὰ. Ἀπεκρούσθη γερμανικὴ ἐπίθεσις πρὸς τὴν Καμπανίαν μὲ σοβαρὰς ἀπωλείας διὰ τὸν ἐχθρόν.

Κατὰ τὴν νύκτα τῆς 17ης Γάλλοι ἀεροπόροι ἐβομβάρδισαν ἀεροδρόμια καὶ σταθμοὺς τοῦ ἐχθροῦ.

ρικῆς ἐπιθέσεως κατέλαβον γερμανικὰ χαρακώματα παρὰ τὴν Σαλονίκην. Αἱ ἐπιθέσεις τῶν ἐχθρῶν ἀπεκρούσθησαν πανταχοῦ. Ἐπιδρομαὶ τῶν Ἀγγλῶν πρὸς τὸ Ἰπρ ἐπέτυχον.

Ὁ ἀριθμὸς τῶν αἰχμαλώτων τοὺς ὁποίους συνέλαβον οἱ Ἀγγλογάλλοι κατὰ τὰς τελευταίας μάχας ἀνέρχεται εἰς 2114 ἄνδρας καὶ 35 ἀξιωματικούς.

ΜΕΓΑΛΗ ΕΠΙΘΕΣΙΣ ΕΙΣ ΤΟ ΙΤΑΛΙΚΟΝ

Κατὰ νυκτερινὰς πληροφορίας ἤρχισε μεγάλη ἰταλικὴ ἐπίθεσις εἰς τὸ Κάρσο ἐπὶ μετώπου ἑπτὰ χιλιομέτρων.

Ὑψηλαὶ τῶν αὐστριακῶν δυνάμεων ὑπέστησαν σοβαρὰς ἀπωλείας παρὰ τὸ Καστανιέτο.

ΝΕΟΣ ΒΟΜΒΑΡΔΙΣΜΟΣ ΤΟΥ ΜΟΝΑΣΤΗΡΙΟΥ

ΚΕΡΚΥΡΑ 7 Αὐγούστου (Ἀθ. Πρ.) — Πληροφορίαι ἐκ τοῦ Μακεδονικοῦ μετώπου ἀναφέρουν ὅτι οἱ Βούλγαροι ἐβομβάρδισαν χθὲς τὸ Μοναστήριον. Ὑπολογίζονται ὅτι ἐρρίφθησαν ὑπὲρ τὰς 2000 ὀβίδες.

στρατὸς ἀπέκρουσεν ἐπιθέσεις τῶν Βουλγάρων παρὰ τὴν Δοϊράνην. Ἡ νέα αὕτη πρᾶξις τῶν Βουλγάρων ἐνεποίησε μεγάλην ἐντύπωσιν εἰς τὸν στρατόν. Εἰς τὴν Σερβικὴν ἐκστρατείαν ἐπανέρχεται ἡ ἡσυχία.

Η ΡΩΣΣΙΑ ΠΙΣΤΗ ΕΙΣ ΤΟΥΣ ΣΥΜΜΑΧΟΥΣ ΤΗΣ

ΠΑΡΙΣΙΟΙ 7 Αὐγούστου (Ἀθ. Πρ.) — Ὁ κ. Τερεστσένκο δηλοῖ ὅτι ἡ Ρωσσία μένει πιστὴ εἰς τοὺς συμμάχους της καὶ δὲν θὰ συνάψῃ χωριστὴν εἰρήνην.

ρευνα πρόσεχεν, ὅτι ἡ Ρωσσία δὲν θὰ μείνῃ πιστὴ εἰς τὸ πρόγραμμα τῆς. Ἡ ὑπόσχεσις αὕτη ἐδόθη ὑπὸ τοῦ Ὑπουργοῦ τῶν Ἐξωτερικῶν.

ΜΕΤΑΜΕΣΟΝΥΚΤΙΑ ΤΗΛΕΓΡΑΦΗΜΑΤΑ

ΘΕΣΙΚΙΗ 7 Αὐγούστου (Πρ. Γ.) — Ἡ ἀνάγκη ἐνδυναμώσεως τῶν δυνάμεων εἰς τὸ δυτικὸν μέτωπον ἐπιβάλλει τὴν κατάργησιν τῶν ἐξόδων καὶ τῶν ἀεροπλάνων. Αἱ ἐφημερίδες γράφουν ὅτι ἡ κατάστασις εἶναι σοβαρά.

ΠΑΡΙΣΙΟΙ, 7 Αὐγούστου (Ἀθ. Πρ.) — Τὸ ἀρχηγεῖον ἀναγγέλλει νίκην.

δόσιν ἀφοῦ τῆς 3ης Αὐγούστου. Πάσαι αἱ πραγματικαὶ ἐλπίδες τῶν Γερμανῶν διὰ τὴν ἐπιτυχίαν τῆς ἐπιθέσεώς των ἀπέτυχον. Ἡ Ἀγγλία πέραν πάσης προσδοκίας ἀνθίσταται.

Εἰς τὴν Σταυρέλλωμβ ἀνέρχονται ὑπὸ τῶν Ρώσσων νέαι δυνάμεις.
